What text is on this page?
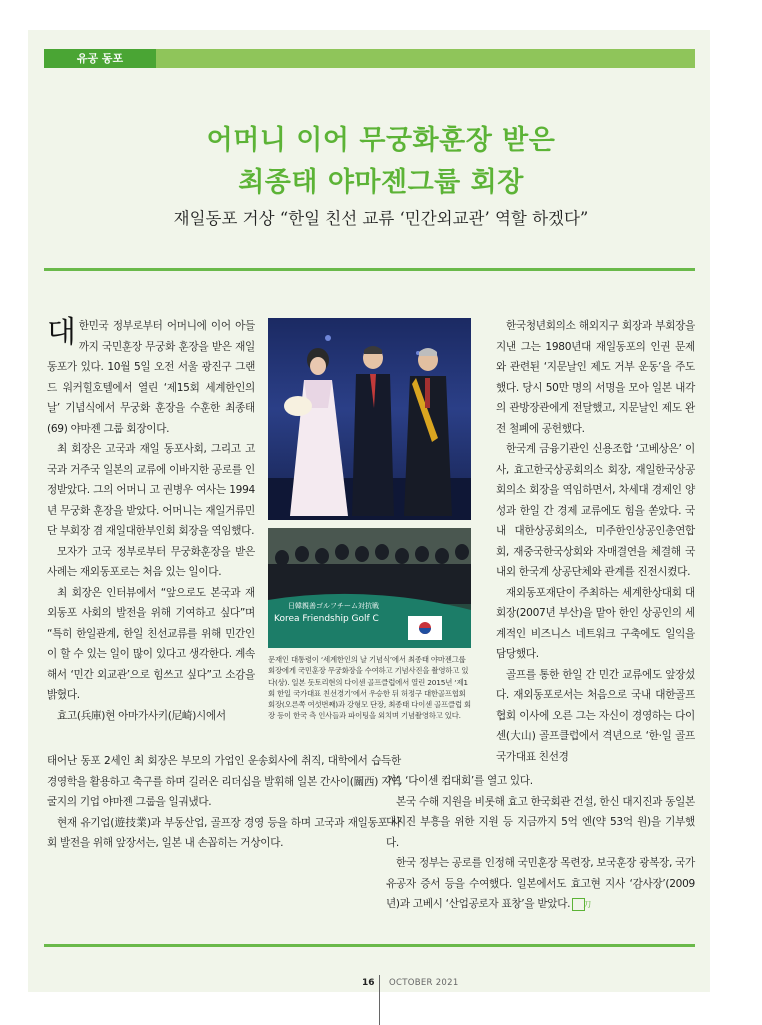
유공 동포
어머니 이어 무궁화훈장 받은
최종태 야마젠그룹 회장
재일동포 거상 “한일 친선 교류 ‘민간외교관’ 역할 하겠다”

대한민국 정부로부터 어머니에 이어 아들까지 국민훈장 무궁화 훈장을 받은 재일동포가 있다. 10월 5일 오전 서울 광진구 그랜드 워커힐호텔에서 열린 ‘제15회 세계한인의 날’ 기념식에서 무궁화 훈장을 수훈한 최종태(69) 야마젠 그룹 회장이다.

최 회장은 고국과 재일 동포사회, 그리고 고국과 거주국 일본의 교류에 이바지한 공로를 인정받았다. 그의 어머니 고 권병우 여사는 1994년 무궁화 훈장을 받았다. 어머니는 재일거류민단 부회장 겸 재일대한부인회 회장을 역임했다.

모자가 고국 정부로부터 무궁화훈장을 받은 사례는 재외동포로는 처음 있는 일이다.

최 회장은 인터뷰에서 “앞으로도 본국과 재외동포 사회의 발전을 위해 기여하고 싶다”며 “특히 한일관계, 한일 친선교류를 위해 민간인이 할 수 있는 일이 많이 있다고 생각한다. 계속해서 ‘민간 외교관’으로 힘쓰고 싶다”고 소감을 밝혔다.

효고(兵庫)현 아마가사키(尼崎)시에서

Korea Friendship Golf C
日韓親善ゴルフチーム対抗戦
문재인 대통령이 ‘세계한인의 날 기념식’에서 최종태 야마젠그룹 회장에게 국민훈장 무궁화장을 수여하고 기념사진을 촬영하고 있다(상). 일본 돗토리현의 다이센 골프클럽에서 열린 2015년 ‘제1회 한일 국가대표 친선경기’에서 우승한 뒤 허정구 대한골프협회 회장(오른쪽 여섯번째)과 강형모 단장, 최종태 다이센 골프클럽 회장 등이 한국 측 인사들과 파이팅을 외치며 기념촬영하고 있다.

한국청년회의소 해외지구 회장과 부회장을 지낸 그는 1980년대 재일동포의 인권 문제와 관련된 ‘지문날인 제도 거부 운동’을 주도했다. 당시 50만 명의 서명을 모아 일본 내각의 관방장관에게 전달했고, 지문날인 제도 완전 철폐에 공헌했다.

한국계 금융기관인 신용조합 ‘고베상은’ 이사, 효고한국상공회의소 회장, 재일한국상공회의소 회장을 역임하면서, 차세대 경제인 양성과 한일 간 경제 교류에도 힘을 쏟았다. 국내 대한상공회의소, 미주한인상공인총연합회, 재중국한국상회와 자매결연을 체결해 국내외 한국계 상공단체와 관계를 진전시켰다.

재외동포재단이 주최하는 세계한상대회 대회장(2007년 부산)을 맡아 한인 상공인의 세계적인 비즈니스 네트워크 구축에도 일익을 담당했다.

골프를 통한 한일 간 민간 교류에도 앞장섰다. 재외동포로서는 처음으로 국내 대한골프협회 이사에 오른 그는 자신이 경영하는 다이센(大山) 골프클럽에서 격년으로 ‘한·일 골프 국가대표 친선경

태어난 동포 2세인 최 회장은 부모의 가업인 운송회사에 취직, 대학에서 습득한 경영학을 활용하고 축구를 하며 길러온 리더십을 발휘해 일본 간사이(關西) 지역 굴지의 기업 야마젠 그룹을 일궈냈다.

현재 유기업(遊技業)과 부동산업, 골프장 경영 등을 하며 고국과 재일동포 사회 발전을 위해 앞장서는, 일본 내 손꼽히는 거상이다.

기’, ‘다이센 컵대회’를 열고 있다.

본국 수해 지원을 비롯해 효고 한국회관 건설, 한신 대지진과 동일본 대지진 부흥을 위한 지원 등 지금까지 5억 엔(약 53억 원)을 기부했다.

한국 정부는 공로를 인정해 국민훈장 목련장, 보국훈장 광복장, 국가유공자 증서 등을 수여했다. 일본에서도 효고현 지사 ‘감사장’(2009년)과 고베시 ‘산업공로자 표창’을 받았다. 刀

16 OCTOBER 2021
